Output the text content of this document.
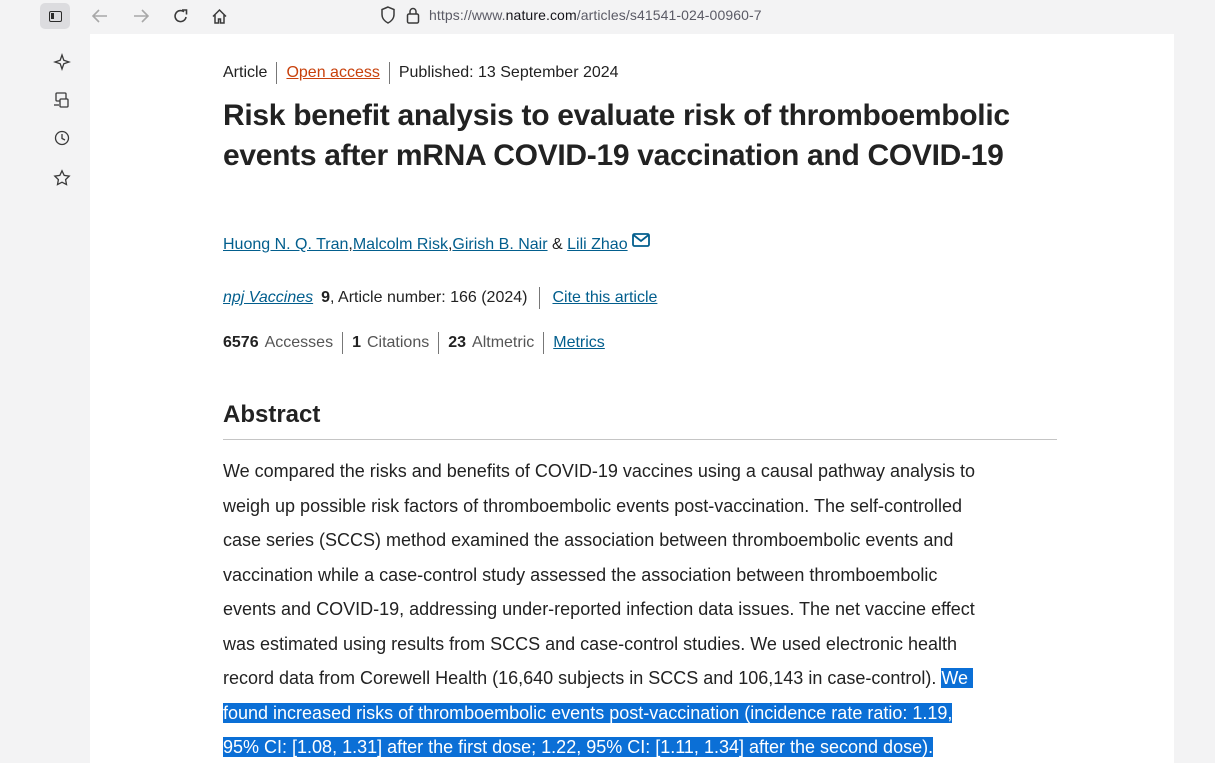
https://www.nature.com/articles/s41541-024-00960-7
Article Open access Published: 13 September 2024
Risk benefit analysis to evaluate risk of thromboembolic events after mRNA COVID-19 vaccination and COVID-19
Huong N. Q. Tran , Malcolm Risk , Girish B. Nair & Lili Zhao
npj Vaccines 9 , Article number: 166 (2024) Cite this article
6576 Accesses 1 Citations 23 Altmetric Metrics
Abstract

We compared the risks and benefits of COVID-19 vaccines using a causal pathway analysis to

weigh up possible risk factors of thromboembolic events post-vaccination. The self-controlled

case series (SCCS) method examined the association between thromboembolic events and

vaccination while a case-control study assessed the association between thromboembolic

events and COVID-19, addressing under-reported infection data issues. The net vaccine effect

was estimated using results from SCCS and case-control studies. We used electronic health

record data from Corewell Health (16,640 subjects in SCCS and 106,143 in case-control). We

found increased risks of thromboembolic events post-vaccination (incidence rate ratio: 1.19,

95% CI: [1.08, 1.31] after the first dose; 1.22, 95% CI: [1.11, 1.34] after the second dose).
